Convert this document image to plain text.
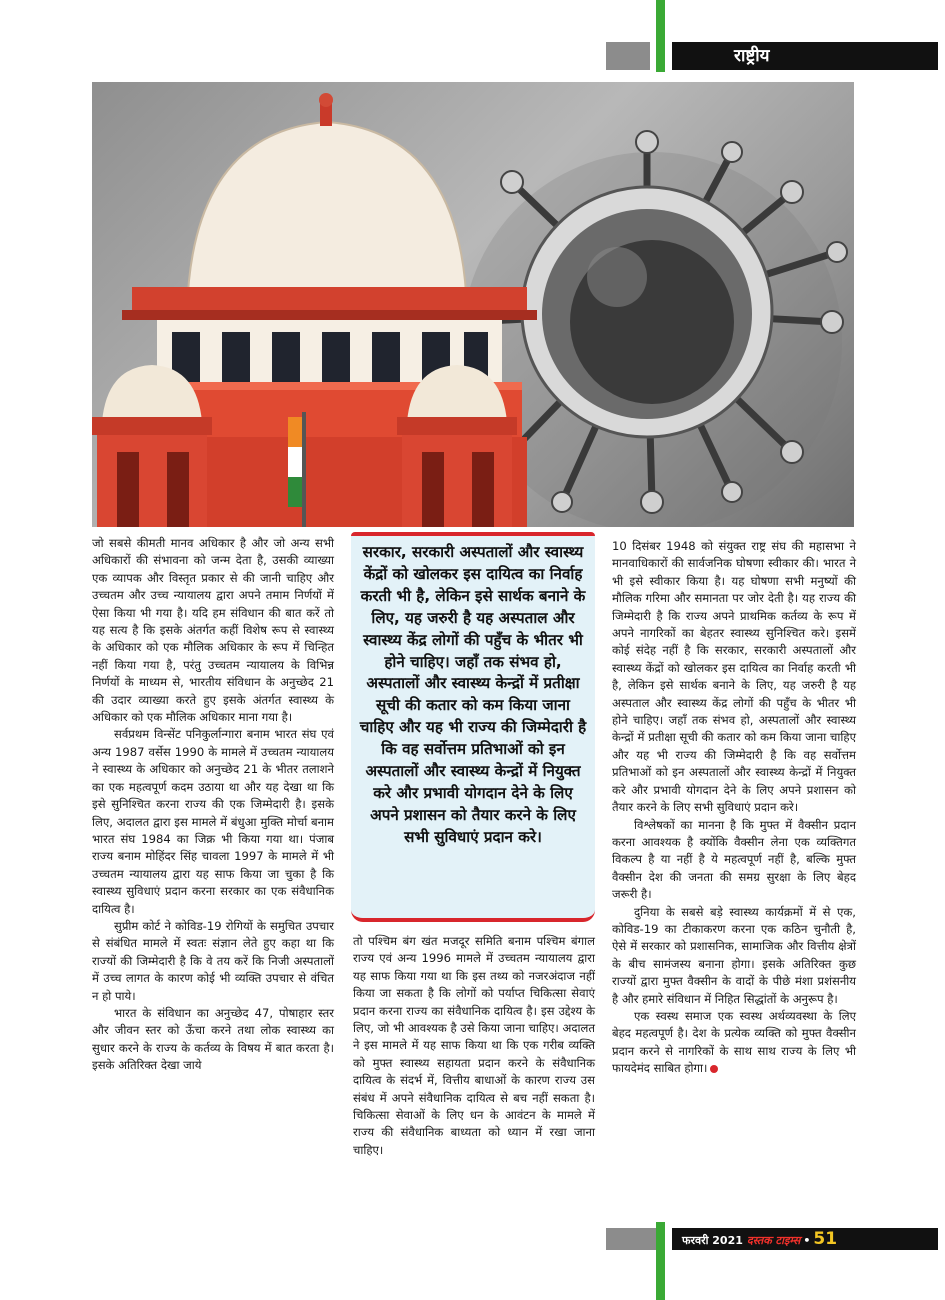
राष्ट्रीय

जो सबसे कीमती मानव अधिकार है और जो अन्य सभी अधिकारों की संभावना को जन्म देता है, उसकी व्याख्या एक व्यापक और विस्तृत प्रकार से की जानी चाहिए और उच्चतम और उच्च न्यायालय द्वारा अपने तमाम निर्णयों में ऐसा किया भी गया है। यदि हम संविधान की बात करें तो यह सत्य है कि इसके अंतर्गत कहीं विशेष रूप से स्वास्थ्य के अधिकार को एक मौलिक अधिकार के रूप में चिन्हित नहीं किया गया है, परंतु उच्चतम न्यायालय के विभिन्न निर्णयों के माध्यम से, भारतीय संविधान के अनुच्छेद 21 की उदार व्याख्या करते हुए इसके अंतर्गत स्वास्थ्य के अधिकार को एक मौलिक अधिकार माना गया है।

सर्वप्रथम विन्सेंट पनिकुर्लान्गारा बनाम भारत संघ एवं अन्य 1987 वर्सेस 1990 के मामले में उच्चतम न्यायालय ने स्वास्थ्य के अधिकार को अनुच्छेद 21 के भीतर तलाशने का एक महत्वपूर्ण कदम उठाया था और यह देखा था कि इसे सुनिश्चित करना राज्य की एक जिम्मेदारी है। इसके लिए, अदालत द्वारा इस मामले में बंधुआ मुक्ति मोर्चा बनाम भारत संघ 1984 का जिक्र भी किया गया था। पंजाब राज्य बनाम मोहिंदर सिंह चावला 1997 के मामले में भी उच्चतम न्यायालय द्वारा यह साफ किया जा चुका है कि स्वास्थ्य सुविधाएं प्रदान करना सरकार का एक संवैधानिक दायित्व है।

सुप्रीम कोर्ट ने कोविड-19 रोगियों के समुचित उपचार से संबंधित मामले में स्वतः संज्ञान लेते हुए कहा था कि राज्यों की जिम्मेदारी है कि वे तय करें कि निजी अस्पतालों में उच्च लागत के कारण कोई भी व्यक्ति उपचार से वंचित न हो पाये।

भारत के संविधान का अनुच्छेद 47, पोषाहार स्तर और जीवन स्तर को ऊँचा करने तथा लोक स्वास्थ्य का सुधार करने के राज्य के कर्तव्य के विषय में बात करता है। इसके अतिरिक्त देखा जाये

सरकार, सरकारी अस्पतालों और स्वास्थ्य केंद्रों को खोलकर इस दायित्व का निर्वाह करती भी है, लेकिन इसे सार्थक बनाने के लिए, यह जरुरी है यह अस्पताल और स्वास्थ्य केंद्र लोगों की पहुँच के भीतर भी होने चाहिए। जहाँ तक संभव हो, अस्पतालों और स्वास्थ्य केन्द्रों में प्रतीक्षा सूची की कतार को कम किया जाना चाहिए और यह भी राज्य की जिम्मेदारी है कि वह सर्वोत्तम प्रतिभाओं को इन अस्पतालों और स्वास्थ्य केन्द्रों में नियुक्त करे और प्रभावी योगदान देने के लिए अपने प्रशासन को तैयार करने के लिए सभी सुविधाएं प्रदान करे।

तो पश्चिम बंग खंत मजदूर समिति बनाम पश्चिम बंगाल राज्य एवं अन्य 1996 मामले में उच्चतम न्यायालय द्वारा यह साफ किया गया था कि इस तथ्य को नजरअंदाज नहीं किया जा सकता है कि लोगों को पर्याप्त चिकित्सा सेवाएं प्रदान करना राज्य का संवैधानिक दायित्व है। इस उद्देश्य के लिए, जो भी आवश्यक है उसे किया जाना चाहिए। अदालत ने इस मामले में यह साफ किया था कि एक गरीब व्यक्ति को मुफ्त स्वास्थ्य सहायता प्रदान करने के संवैधानिक दायित्व के संदर्भ में, वित्तीय बाधाओं के कारण राज्य उस संबंध में अपने संवैधानिक दायित्व से बच नहीं सकता है। चिकित्सा सेवाओं के लिए धन के आवंटन के मामले में राज्य की संवैधानिक बाध्यता को ध्यान में रखा जाना चाहिए।

10 दिसंबर 1948 को संयुक्त राष्ट्र संघ की महासभा ने मानवाधिकारों की सार्वजनिक घोषणा स्वीकार की। भारत ने भी इसे स्वीकार किया है। यह घोषणा सभी मनुष्यों की मौलिक गरिमा और समानता पर जोर देती है। यह राज्य की जिम्मेदारी है कि राज्य अपने प्राथमिक कर्तव्य के रूप में अपने नागरिकों का बेहतर स्वास्थ्य सुनिश्चित करे। इसमें कोई संदेह नहीं है कि सरकार, सरकारी अस्पतालों और स्वास्थ्य केंद्रों को खोलकर इस दायित्व का निर्वाह करती भी है, लेकिन इसे सार्थक बनाने के लिए, यह जरुरी है यह अस्पताल और स्वास्थ्य केंद्र लोगों की पहुँच के भीतर भी होने चाहिए। जहाँ तक संभव हो, अस्पतालों और स्वास्थ्य केन्द्रों में प्रतीक्षा सूची की कतार को कम किया जाना चाहिए और यह भी राज्य की जिम्मेदारी है कि वह सर्वोत्तम प्रतिभाओं को इन अस्पतालों और स्वास्थ्य केन्द्रों में नियुक्त करे और प्रभावी योगदान देने के लिए अपने प्रशासन को तैयार करने के लिए सभी सुविधाएं प्रदान करे।

विश्लेषकों का मानना है कि मुफ्त में वैक्सीन प्रदान करना आवश्यक है क्योंकि वैक्सीन लेना एक व्यक्तिगत विकल्प है या नहीं है ये महत्वपूर्ण नहीं है, बल्कि मुफ्त वैक्सीन देश की जनता की समग्र सुरक्षा के लिए बेहद जरूरी है।

दुनिया के सबसे बड़े स्वास्थ्य कार्यक्रमों में से एक, कोविड-19 का टीकाकरण करना एक कठिन चुनौती है, ऐसे में सरकार को प्रशासनिक, सामाजिक और वित्तीय क्षेत्रों के बीच सामंजस्य बनाना होगा। इसके अतिरिक्त कुछ राज्यों द्वारा मुफ्त वैक्सीन के वादों के पीछे मंशा प्रशंसनीय है और हमारे संविधान में निहित सिद्धांतों के अनुरूप है।

एक स्वस्थ समाज एक स्वस्थ अर्थव्यवस्था के लिए बेहद महत्वपूर्ण है। देश के प्रत्येक व्यक्ति को मुफ्त वैक्सीन प्रदान करने से नागरिकों के साथ साथ राज्य के लिए भी फायदेमंद साबित होगा।

फरवरी 2021 दस्तक टाइम्स • 51
